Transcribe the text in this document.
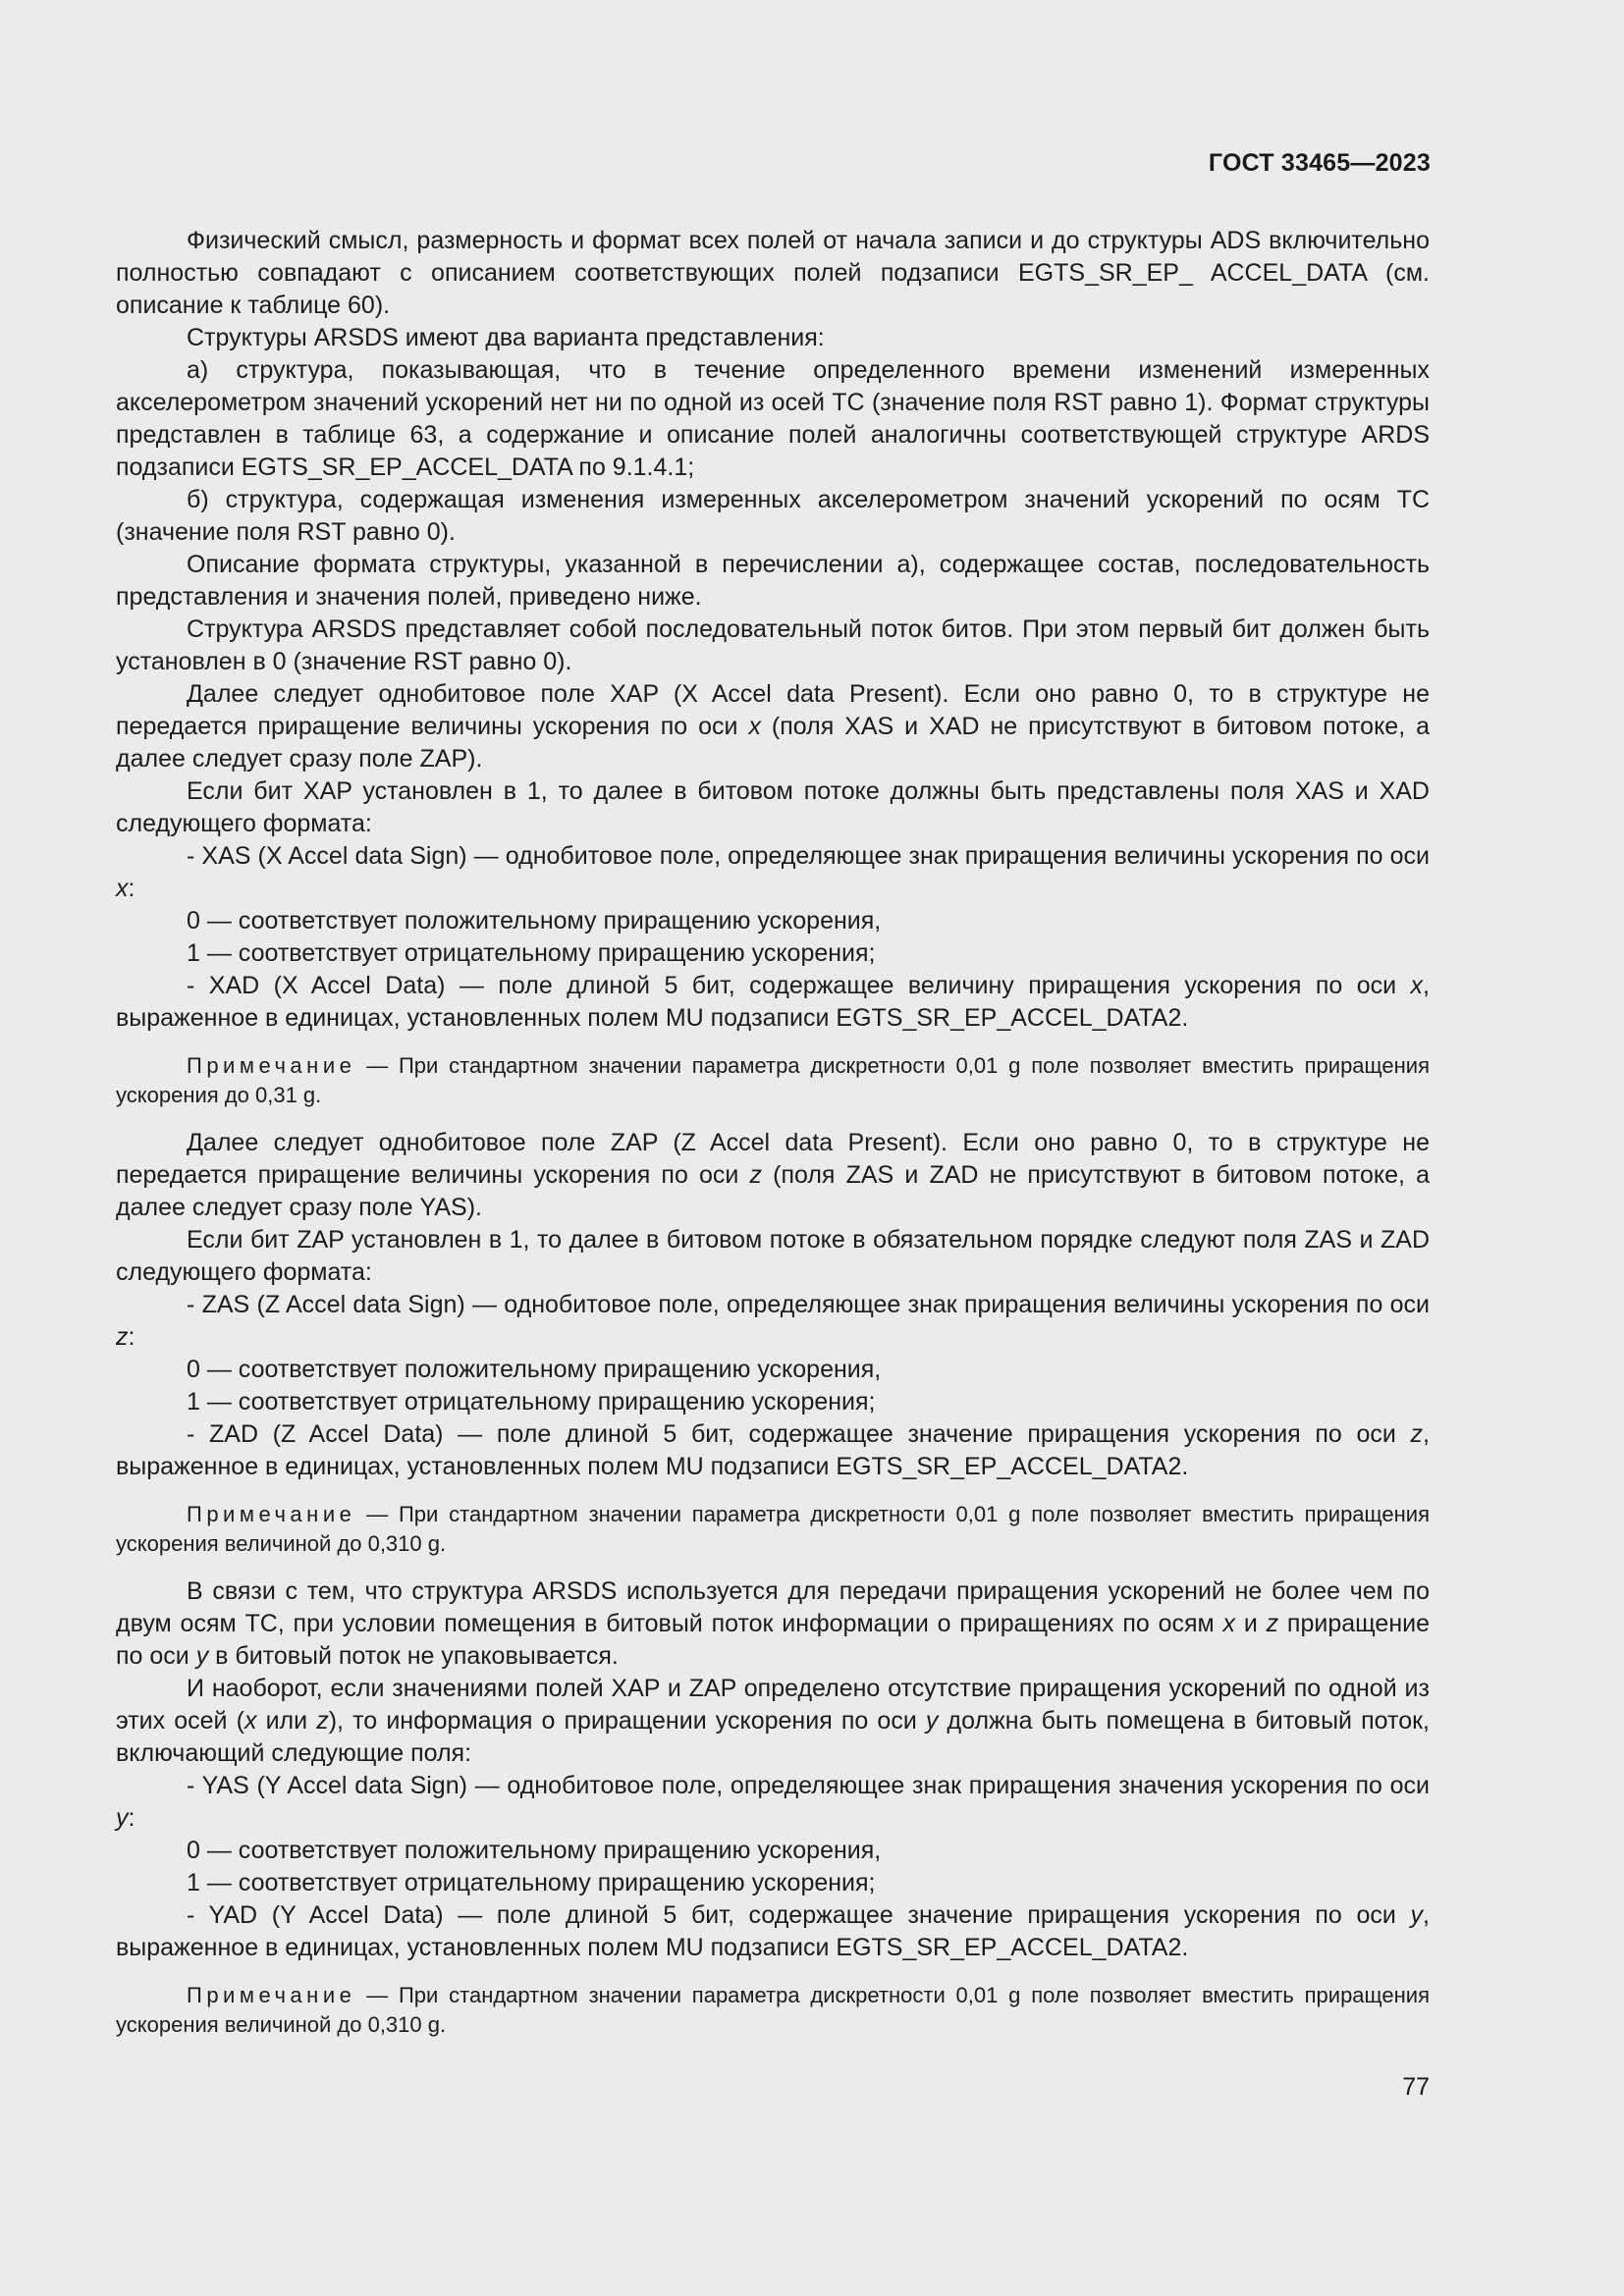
ГОСТ 33465—2023

Физический смысл, размерность и формат всех полей от начала записи и до структуры ADS включительно полностью совпадают с описанием соответствующих полей подзаписи EGTS_SR_EP_ ACCEL_DATA (см. описание к таблице 60).

Структуры ARSDS имеют два варианта представления:

а) структура, показывающая, что в течение определенного времени изменений измеренных акселерометром значений ускорений нет ни по одной из осей ТС (значение поля RST равно 1). Формат структуры представлен в таблице 63, а содержание и описание полей аналогичны соответствующей структуре ARDS подзаписи EGTS_SR_EP_ACCEL_DATA по 9.1.4.1;

б) структура, содержащая изменения измеренных акселерометром значений ускорений по осям ТС (значение поля RST равно 0).

Описание формата структуры, указанной в перечислении а), содержащее состав, последовательность представления и значения полей, приведено ниже.

Структура ARSDS представляет собой последовательный поток битов. При этом первый бит должен быть установлен в 0 (значение RST равно 0).

Далее следует однобитовое поле XAP (X Accel data Present). Если оно равно 0, то в структуре не передается приращение величины ускорения по оси x (поля XAS и XAD не присутствуют в битовом потоке, а далее следует сразу поле ZAP).

Если бит XAP установлен в 1, то далее в битовом потоке должны быть представлены поля XAS и XAD следующего формата:

- XAS (X Accel data Sign) — однобитовое поле, определяющее знак приращения величины ускорения по оси x:

0 — соответствует положительному приращению ускорения,

1 — соответствует отрицательному приращению ускорения;

- XAD (X Accel Data) — поле длиной 5 бит, содержащее величину приращения ускорения по оси x, выраженное в единицах, установленных полем MU подзаписи EGTS_SR_EP_ACCEL_DATA2.

Примечание — При стандартном значении параметра дискретности 0,01 g поле позволяет вместить приращения ускорения до 0,31 g.

Далее следует однобитовое поле ZAP (Z Accel data Present). Если оно равно 0, то в структуре не передается приращение величины ускорения по оси z (поля ZAS и ZAD не присутствуют в битовом потоке, а далее следует сразу поле YAS).

Если бит ZAP установлен в 1, то далее в битовом потоке в обязательном порядке следуют поля ZAS и ZAD следующего формата:

- ZAS (Z Accel data Sign) — однобитовое поле, определяющее знак приращения величины ускорения по оси z:

0 — соответствует положительному приращению ускорения,

1 — соответствует отрицательному приращению ускорения;

- ZAD (Z Accel Data) — поле длиной 5 бит, содержащее значение приращения ускорения по оси z, выраженное в единицах, установленных полем MU подзаписи EGTS_SR_EP_ACCEL_DATA2.

Примечание — При стандартном значении параметра дискретности 0,01 g поле позволяет вместить приращения ускорения величиной до 0,310 g.

В связи с тем, что структура ARSDS используется для передачи приращения ускорений не более чем по двум осям ТС, при условии помещения в битовый поток информации о приращениях по осям x и z приращение по оси y в битовый поток не упаковывается.

И наоборот, если значениями полей XAP и ZAP определено отсутствие приращения ускорений по одной из этих осей (x или z), то информация о приращении ускорения по оси y должна быть помещена в битовый поток, включающий следующие поля:

- YAS (Y Accel data Sign) — однобитовое поле, определяющее знак приращения значения ускорения по оси y:

0 — соответствует положительному приращению ускорения,

1 — соответствует отрицательному приращению ускорения;

- YAD (Y Accel Data) — поле длиной 5 бит, содержащее значение приращения ускорения по оси y, выраженное в единицах, установленных полем MU подзаписи EGTS_SR_EP_ACCEL_DATA2.

Примечание — При стандартном значении параметра дискретности 0,01 g поле позволяет вместить приращения ускорения величиной до 0,310 g.

77
